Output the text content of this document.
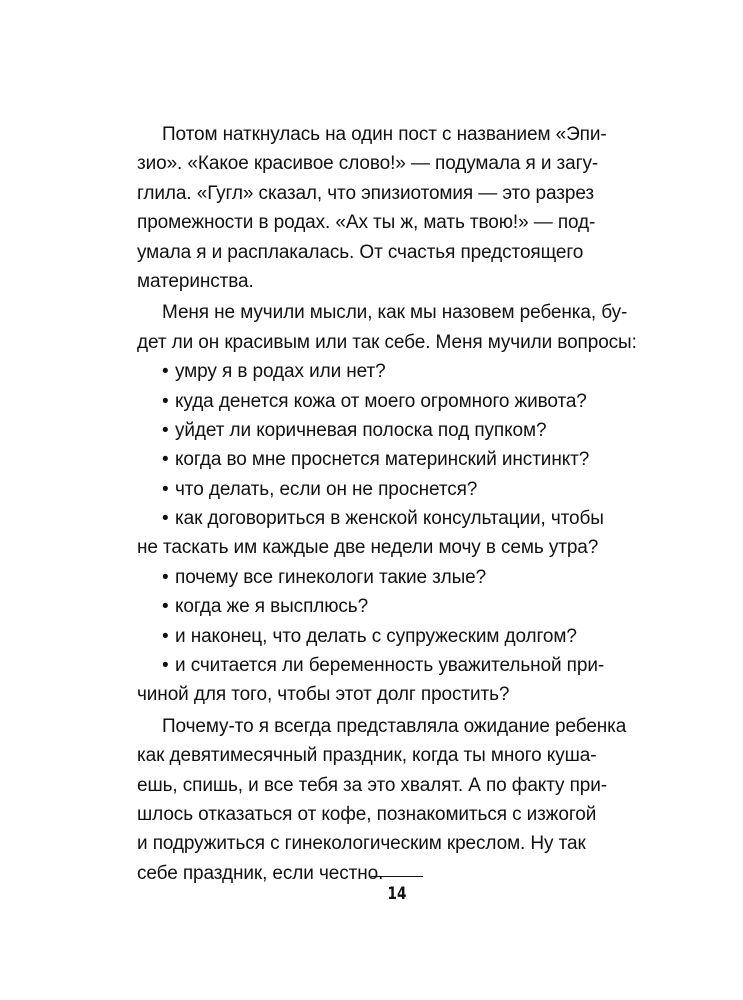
Потом наткнулась на один пост с названием «Эпи-
зио». «Какое красивое слово!» — подумала я и загу-
глила. «Гугл» сказал, что эпизиотомия — это разрез
промежности в родах. «Ах ты ж, мать твою!» — под-
умала я и расплакалась. От счастья предстоящего
материнства.
Меня не мучили мысли, как мы назовем ребенка, бу-
дет ли он красивым или так себе. Меня мучили вопросы:
• умру я в родах или нет?
• куда денется кожа от моего огромного живота?
• уйдет ли коричневая полоска под пупком?
• когда во мне проснется материнский инстинкт?
• что делать, если он не проснется?
• как договориться в женской консультации, чтобы
не таскать им каждые две недели мочу в семь утра?
• почему все гинекологи такие злые?
• когда же я высплюсь?
• и наконец, что делать с супружеским долгом?
• и считается ли беременность уважительной при-
чиной для того, чтобы этот долг простить?
Почему-то я всегда представляла ожидание ребенка
как девятимесячный праздник, когда ты много куша-
ешь, спишь, и все тебя за это хвалят. А по факту при-
шлось отказаться от кофе, познакомиться с изжогой
и подружиться с гинекологическим креслом. Ну так
себе праздник, если честно.
14
